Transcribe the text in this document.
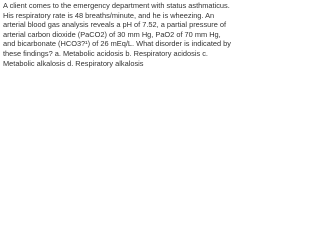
A client comes to the emergency department with status asthmaticus. His respiratory rate is 48 breaths/minute, and he is wheezing. An arterial blood gas analysis reveals a pH of 7.52, a partial pressure of arterial carbon dioxide (PaCO2) of 30 mm Hg, PaO2 of 70 mm Hg, and bicarbonate (HCO3?¹) of 26 mEq/L. What disorder is indicated by these findings? a. Metabolic acidosis b. Respiratory acidosis c. Metabolic alkalosis d. Respiratory alkalosis
